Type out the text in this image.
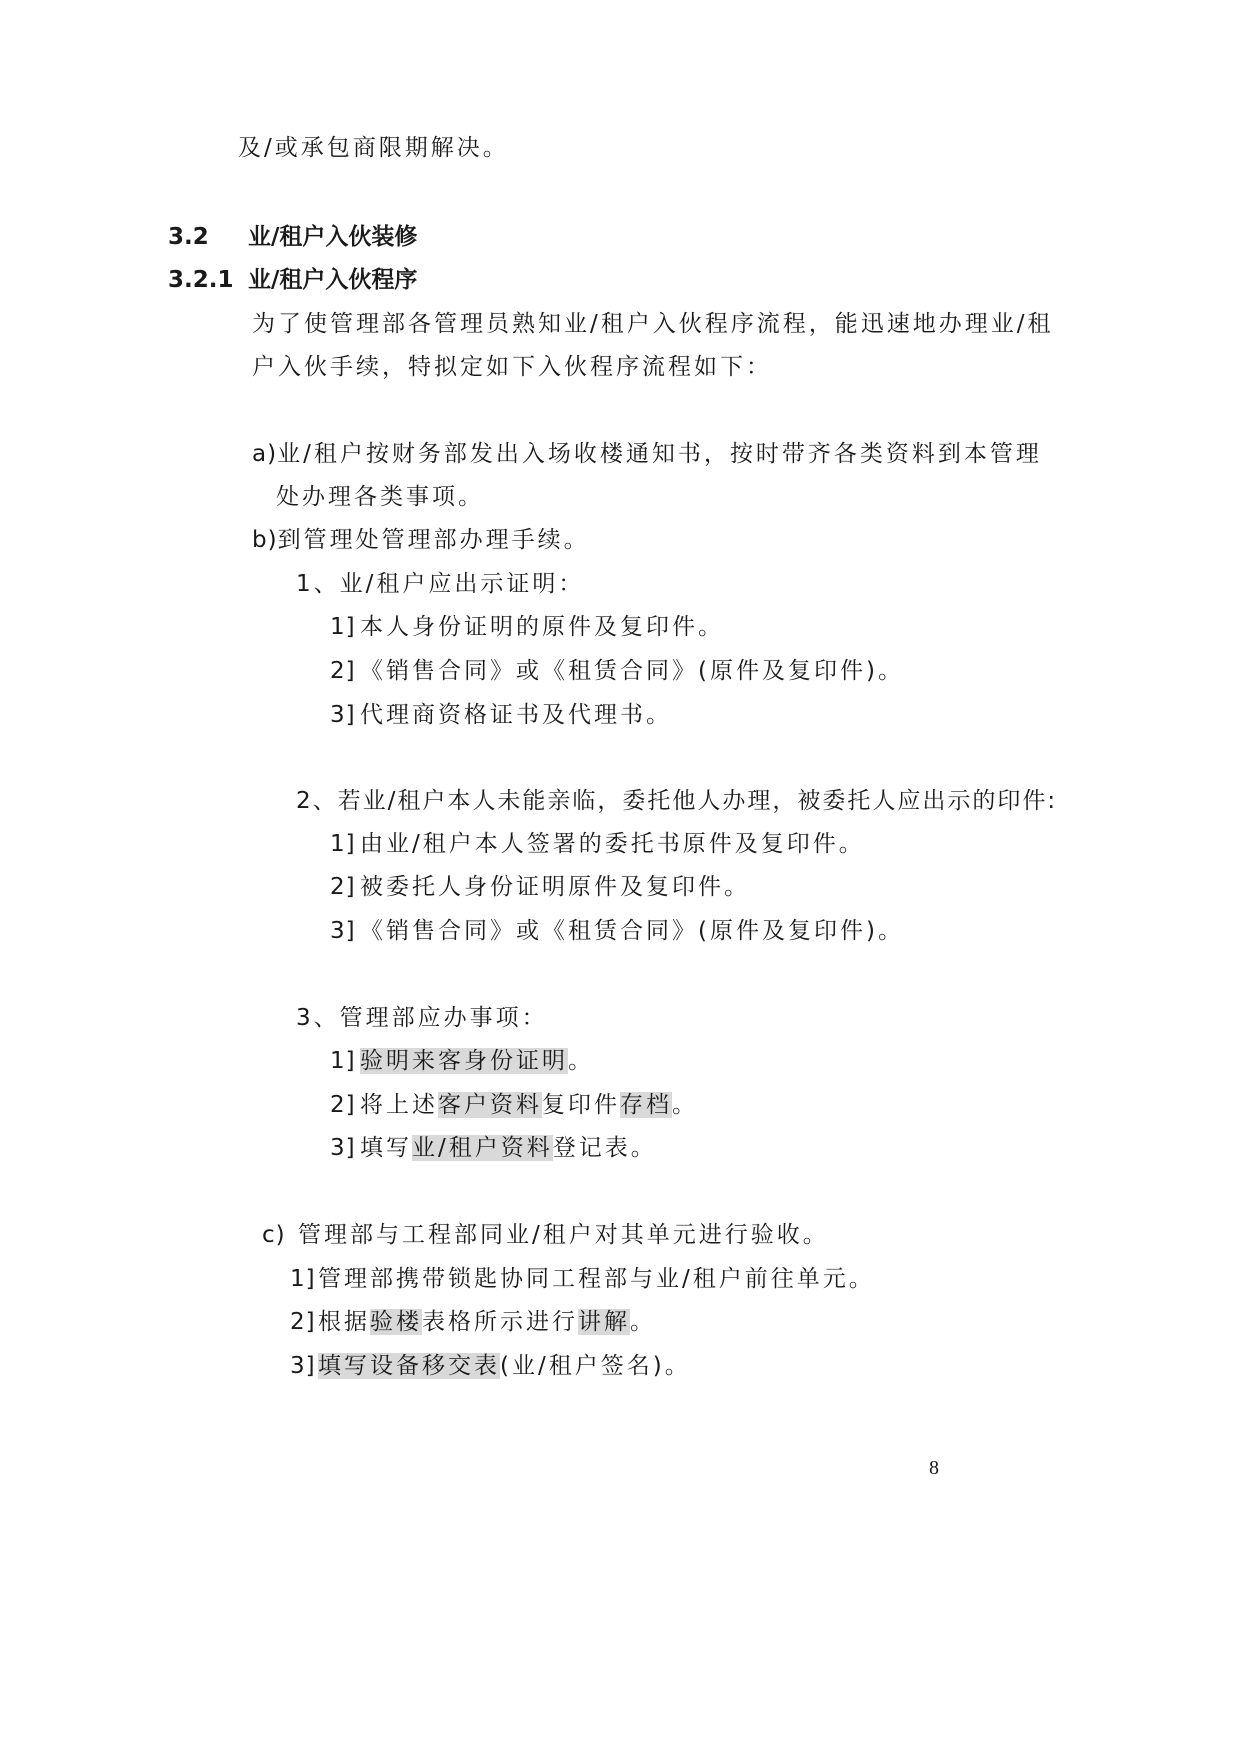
及/或承包商限期解决。
3.2 业/租户入伙装修
3.2.1 业/租户入伙程序
为了使管理部各管理员熟知业/租户入伙程序流程，能迅速地办理业/租
户入伙手续，特拟定如下入伙程序流程如下：
a)业/租户按财务部发出入场收楼通知书，按时带齐各类资料到本管理
处办理各类事项。
b)到管理处管理部办理手续。
1、业/租户应出示证明：
1] 本人身份证明的原件及复印件。
2] 《销售合同》或《租赁合同》(原件及复印件)。
3] 代理商资格证书及代理书。
2、若业/租户本人未能亲临，委托他人办理，被委托人应出示的印件:
1] 由业/租户本人签署的委托书原件及复印件。
2] 被委托人身份证明原件及复印件。
3] 《销售合同》或《租赁合同》(原件及复印件)。
3、管理部应办事项：
1] 验明来客身份证明。
2] 将上述客户资料复印件存档。
3] 填写业/租户资料登记表。
c) 管理部与工程部同业/租户对其单元进行验收。
1] 管理部携带锁匙协同工程部与业/租户前往单元。
2] 根据验楼表格所示进行讲解。
3] 填写设备移交表(业/租户签名)。
8
